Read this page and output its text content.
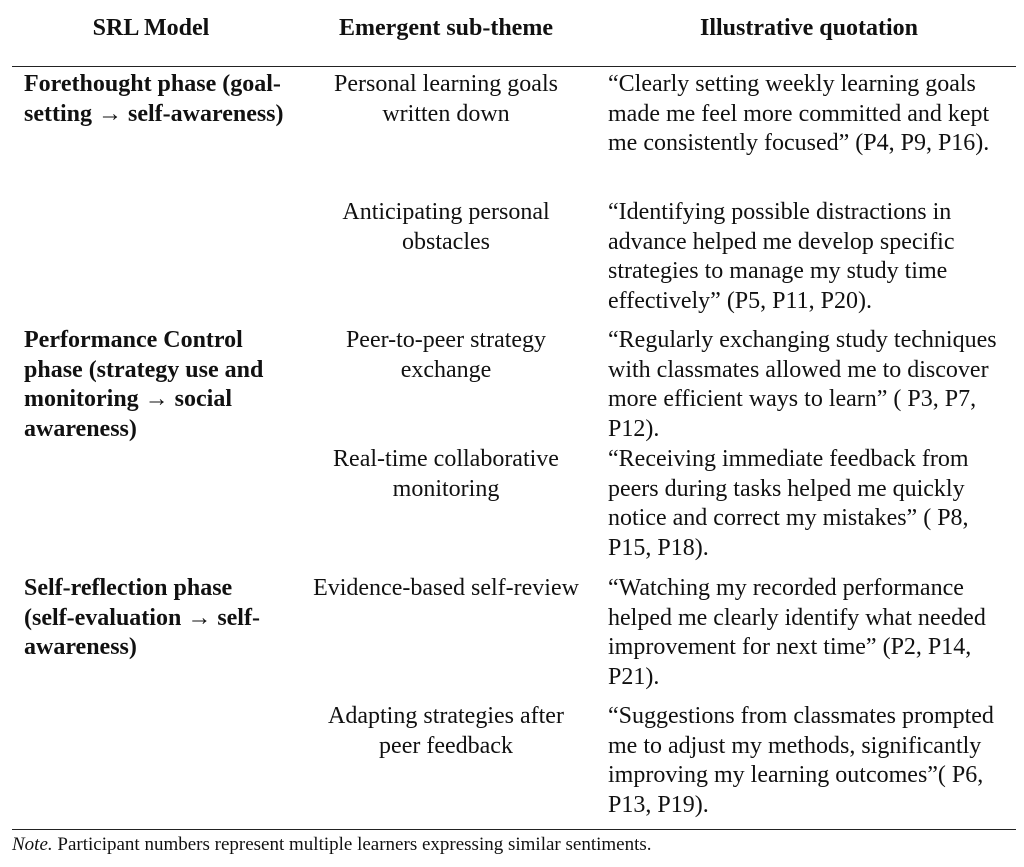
SRL Model	Emergent sub-theme	Illustrative quotation
Forethought phase (goal-setting → self-awareness)
Personal learning goals written down
“Clearly setting weekly learning goals made me feel more committed and kept me consistently focused” (P4, P9, P16).
Anticipating personal obstacles
“Identifying possible distractions in advance helped me develop specific strategies to manage my study time effectively” (P5, P11, P20).
Performance Control phase (strategy use and monitoring → social awareness)
Peer-to-peer strategy exchange
“Regularly exchanging study techniques with classmates allowed me to discover more efficient ways to learn” ( P3, P7, P12).
Real-time collaborative monitoring
“Receiving immediate feedback from peers during tasks helped me quickly notice and correct my mistakes” ( P8, P15, P18).
Self-reflection phase (self-evaluation → self-awareness)
Evidence-based self-review “Watching my recorded performance helped me clearly identify what needed improvement for next time” (P2, P14, P21).
Adapting strategies after peer feedback
“Suggestions from classmates prompted me to adjust my methods, significantly improving my learning outcomes”( P6, P13, P19).
Note. Participant numbers represent multiple learners expressing similar sentiments.
